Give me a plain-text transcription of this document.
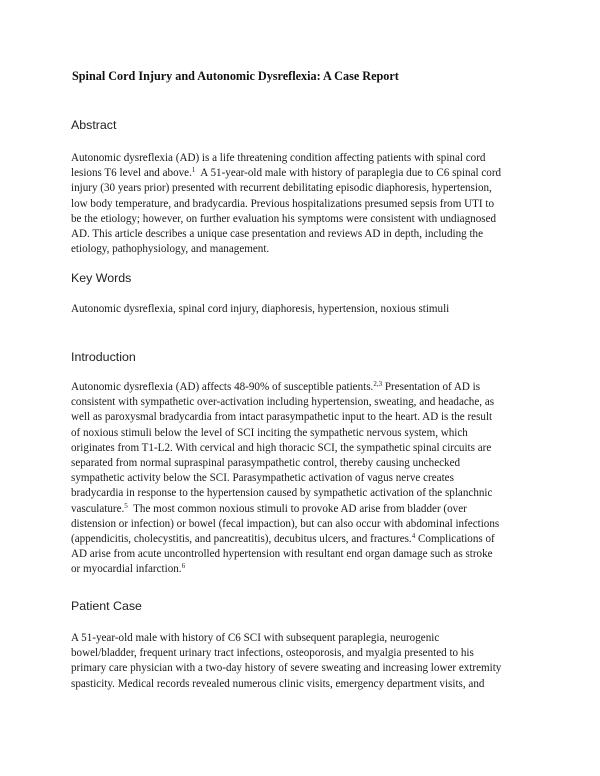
Spinal Cord Injury and Autonomic Dysreflexia: A Case Report
Abstract
Autonomic dysreflexia (AD) is a life threatening condition affecting patients with spinal cord
lesions T6 level and above.$^1$  A 51-year-old male with history of paraplegia due to C6 spinal cord
injury (30 years prior) presented with recurrent debilitating episodic diaphoresis, hypertension,
low body temperature, and bradycardia. Previous hospitalizations presumed sepsis from UTI to
be the etiology; however, on further evaluation his symptoms were consistent with undiagnosed
AD. This article describes a unique case presentation and reviews AD in depth, including the
etiology, pathophysiology, and management.
Key Words
Autonomic dysreflexia, spinal cord injury, diaphoresis, hypertension, noxious stimuli
Introduction
Autonomic dysreflexia (AD) affects 48-90% of susceptible patients.$^{2,3}$ Presentation of AD is
consistent with sympathetic over-activation including hypertension, sweating, and headache, as
well as paroxysmal bradycardia from intact parasympathetic input to the heart. AD is the result
of noxious stimuli below the level of SCI inciting the sympathetic nervous system, which
originates from T1-L2. With cervical and high thoracic SCI, the sympathetic spinal circuits are
separated from normal supraspinal parasympathetic control, thereby causing unchecked
sympathetic activity below the SCI. Parasympathetic activation of vagus nerve creates
bradycardia in response to the hypertension caused by sympathetic activation of the splanchnic
vasculature.$^5$  The most common noxious stimuli to provoke AD arise from bladder (over
distension or infection) or bowel (fecal impaction), but can also occur with abdominal infections
(appendicitis, cholecystitis, and pancreatitis), decubitus ulcers, and fractures.$^4$ Complications of
AD arise from acute uncontrolled hypertension with resultant end organ damage such as stroke
or myocardial infarction.$^6$
Patient Case
A 51-year-old male with history of C6 SCI with subsequent paraplegia, neurogenic
bowel/bladder, frequent urinary tract infections, osteoporosis, and myalgia presented to his
primary care physician with a two-day history of severe sweating and increasing lower extremity
spasticity. Medical records revealed numerous clinic visits, emergency department visits, and
